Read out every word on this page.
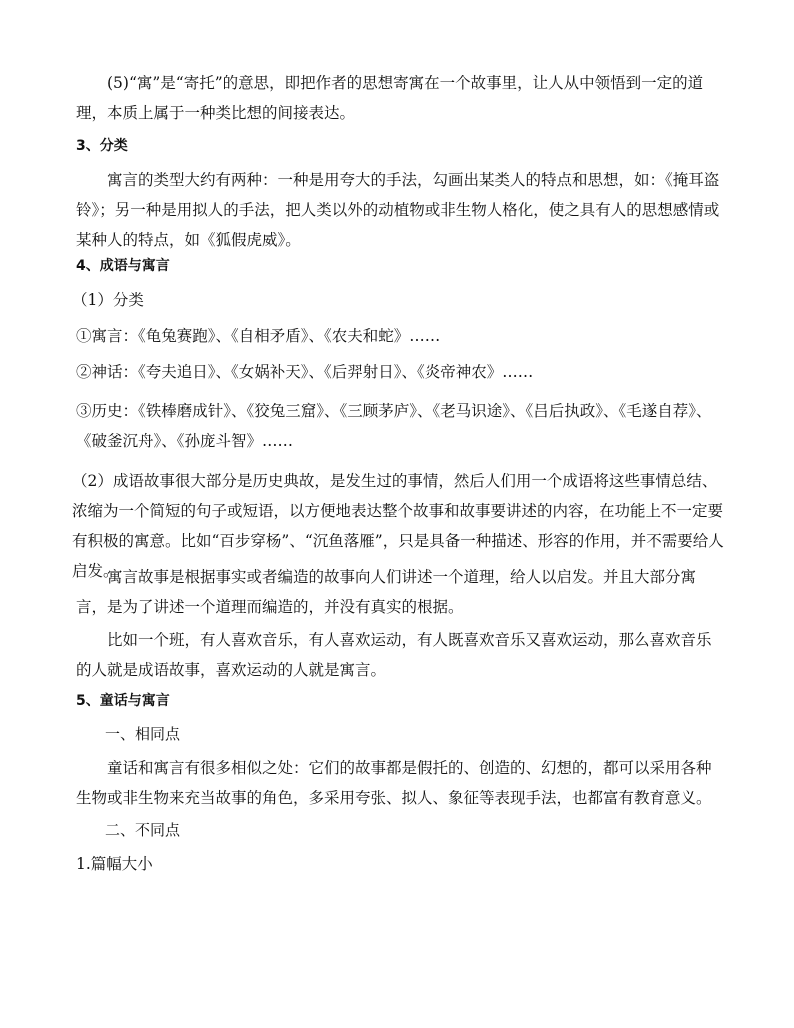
(5)“寓”是“寄托”的意思，即把作者的思想寄寓在一个故事里，让人从中领悟到一定的道理，本质上属于一种类比想的间接表达。

3、分类

寓言的类型大约有两种：一种是用夸大的手法，勾画出某类人的特点和思想，如：《掩耳盗铃》；另一种是用拟人的手法，把人类以外的动植物或非生物人格化，使之具有人的思想感情或某种人的特点，如《狐假虎威》。

4、成语与寓言

（1）分类

①寓言：《龟兔赛跑》、《自相矛盾》、《农夫和蛇》……

②神话：《夸夫追日》、《女娲补天》、《后羿射日》、《炎帝神农》……

③历史：《铁棒磨成针》、《狡兔三窟》、《三顾茅庐》、《老马识途》、《吕后执政》、《毛遂自荐》、《破釜沉舟》、《孙庞斗智》……

（2）成语故事很大部分是历史典故，是发生过的事情，然后人们用一个成语将这些事情总结、浓缩为一个简短的句子或短语，以方便地表达整个故事和故事要讲述的内容，在功能上不一定要有积极的寓意。比如“百步穿杨”、“沉鱼落雁”，只是具备一种描述、形容的作用，并不需要给人启发。

寓言故事是根据事实或者编造的故事向人们讲述一个道理，给人以启发。并且大部分寓言，是为了讲述一个道理而编造的，并没有真实的根据。

比如一个班，有人喜欢音乐，有人喜欢运动，有人既喜欢音乐又喜欢运动，那么喜欢音乐的人就是成语故事，喜欢运动的人就是寓言。

5、童话与寓言

一、相同点

童话和寓言有很多相似之处：它们的故事都是假托的、创造的、幻想的，都可以采用各种生物或非生物来充当故事的角色，多采用夸张、拟人、象征等表现手法，也都富有教育意义。

二、不同点

1.篇幅大小
